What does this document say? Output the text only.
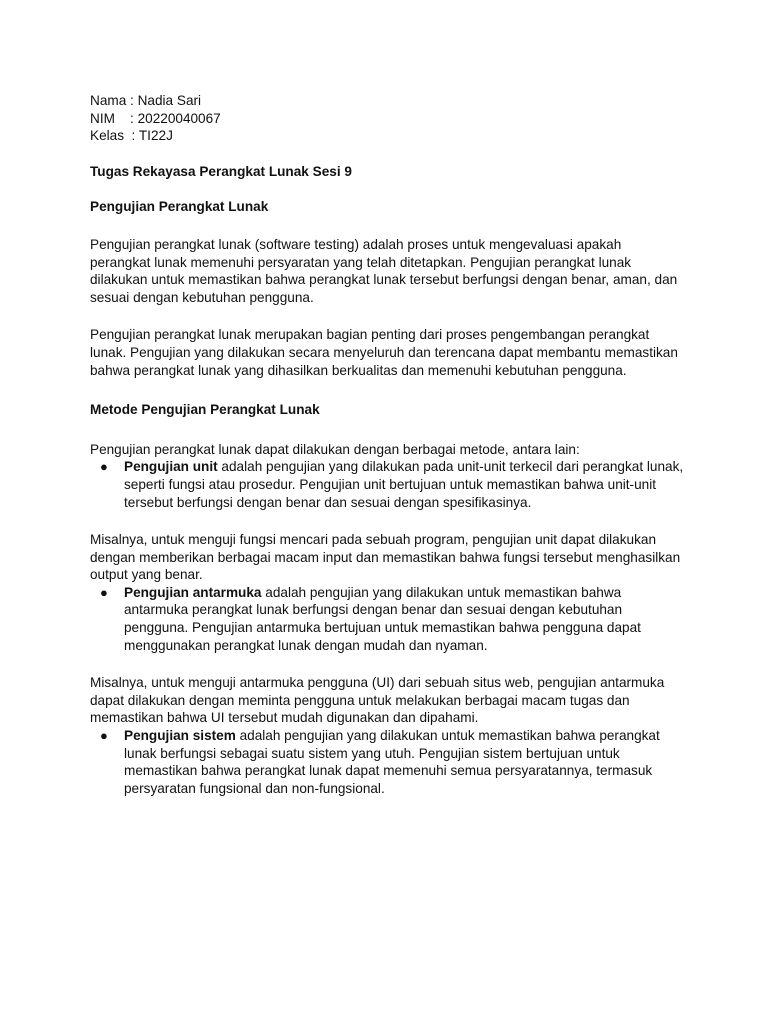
Nama : Nadia Sari

NIM    : 20220040067

Kelas  : TI22J

Tugas Rekayasa Perangkat Lunak Sesi 9

Pengujian Perangkat Lunak

Pengujian perangkat lunak (software testing) adalah proses untuk mengevaluasi apakah perangkat lunak memenuhi persyaratan yang telah ditetapkan. Pengujian perangkat lunak dilakukan untuk memastikan bahwa perangkat lunak tersebut berfungsi dengan benar, aman, dan sesuai dengan kebutuhan pengguna.

Pengujian perangkat lunak merupakan bagian penting dari proses pengembangan perangkat lunak. Pengujian yang dilakukan secara menyeluruh dan terencana dapat membantu memastikan bahwa perangkat lunak yang dihasilkan berkualitas dan memenuhi kebutuhan pengguna.

Metode Pengujian Perangkat Lunak

Pengujian perangkat lunak dapat dilakukan dengan berbagai metode, antara lain:

● Pengujian unit adalah pengujian yang dilakukan pada unit-unit terkecil dari perangkat lunak, seperti fungsi atau prosedur. Pengujian unit bertujuan untuk memastikan bahwa unit-unit tersebut berfungsi dengan benar dan sesuai dengan spesifikasinya.

Misalnya, untuk menguji fungsi mencari pada sebuah program, pengujian unit dapat dilakukan dengan memberikan berbagai macam input dan memastikan bahwa fungsi tersebut menghasilkan output yang benar.

● Pengujian antarmuka adalah pengujian yang dilakukan untuk memastikan bahwa antarmuka perangkat lunak berfungsi dengan benar dan sesuai dengan kebutuhan pengguna. Pengujian antarmuka bertujuan untuk memastikan bahwa pengguna dapat menggunakan perangkat lunak dengan mudah dan nyaman.

Misalnya, untuk menguji antarmuka pengguna (UI) dari sebuah situs web, pengujian antarmuka dapat dilakukan dengan meminta pengguna untuk melakukan berbagai macam tugas dan memastikan bahwa UI tersebut mudah digunakan dan dipahami.

● Pengujian sistem adalah pengujian yang dilakukan untuk memastikan bahwa perangkat lunak berfungsi sebagai suatu sistem yang utuh. Pengujian sistem bertujuan untuk memastikan bahwa perangkat lunak dapat memenuhi semua persyaratannya, termasuk persyaratan fungsional dan non-fungsional.
